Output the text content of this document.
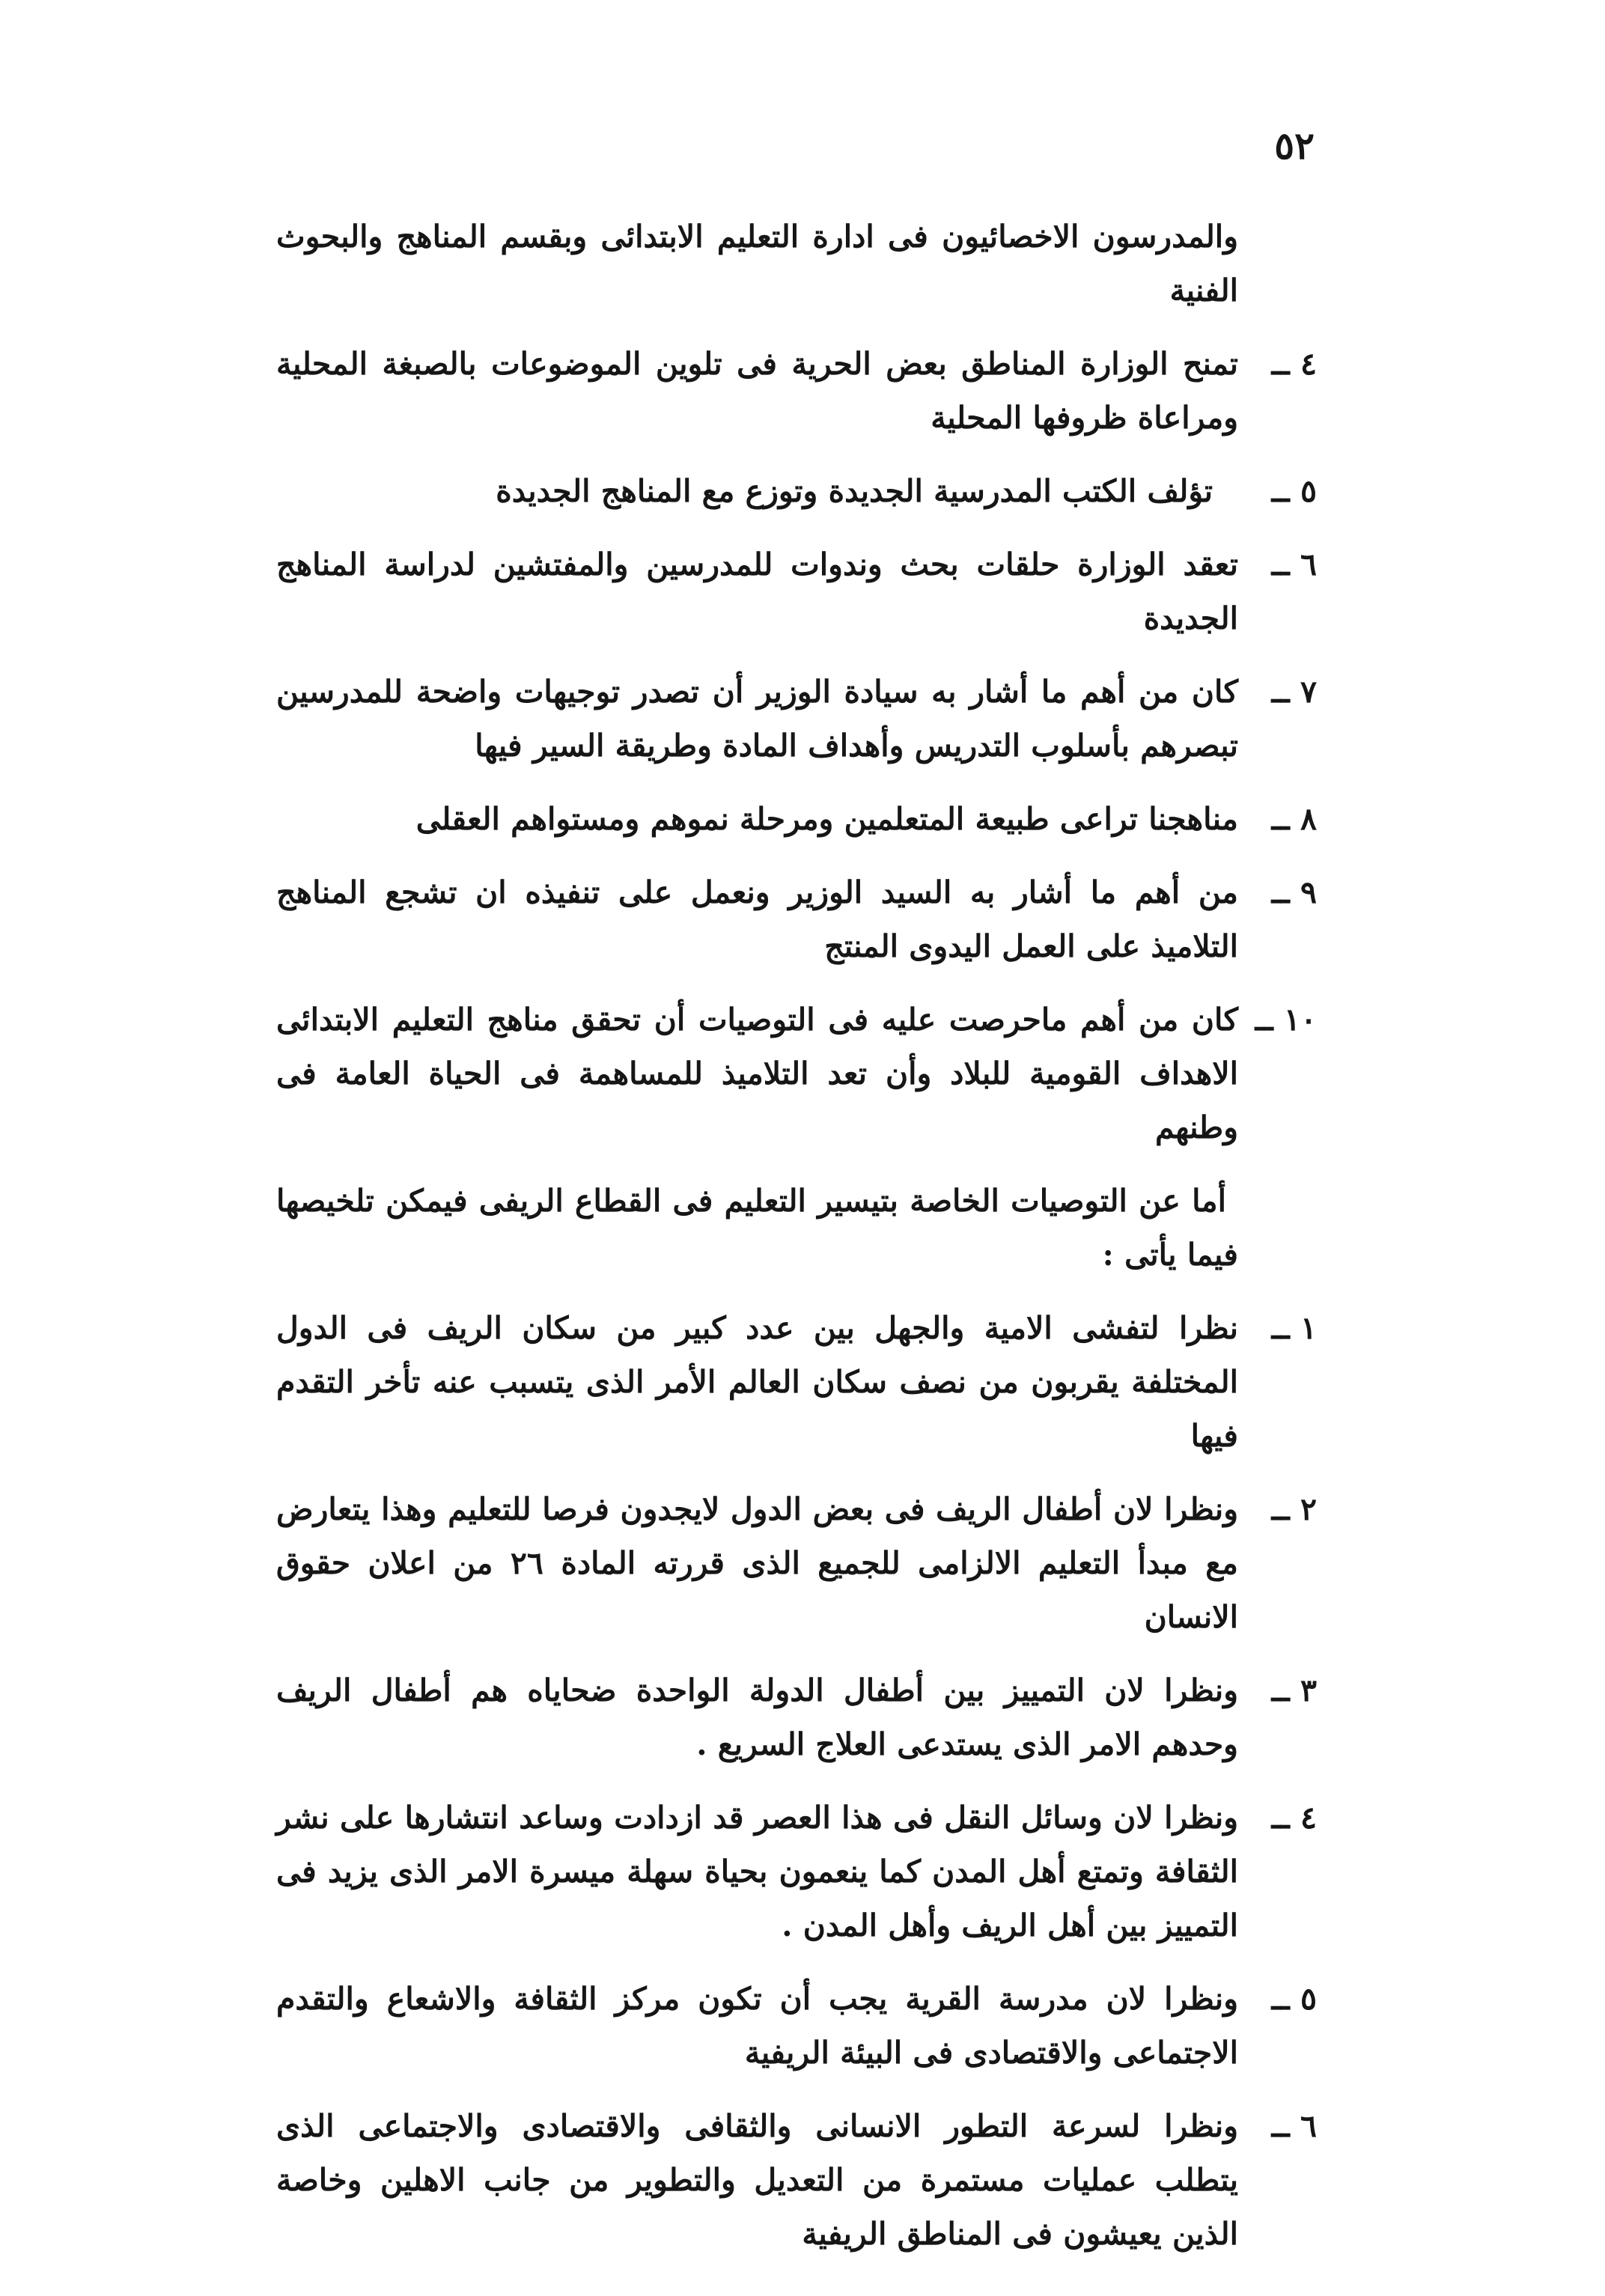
٥٢
والمدرسون الاخصائيون فى ادارة التعليم الابتدائى وبقسم المناهج والبحوث الفنية
٤ ــ
تمنح الوزارة المناطق بعض الحرية فى تلوين الموضوعات بالصبغة المحلية ومراعاة ظروفها المحلية
٥ ــ
تؤلف الكتب المدرسية الجديدة وتوزع مع المناهج الجديدة
٦ ــ
تعقد الوزارة حلقات بحث وندوات للمدرسين والمفتشين لدراسة المناهج الجديدة
٧ ــ
كان من أهم ما أشار به سيادة الوزير أن تصدر توجيهات واضحة للمدرسين تبصرهم بأسلوب التدريس وأهداف المادة وطريقة السير فيها
٨ ــ
مناهجنا تراعى طبيعة المتعلمين ومرحلة نموهم ومستواهم العقلى
٩ ــ
من أهم ما أشار به السيد الوزير ونعمل على تنفيذه ان تشجع المناهج التلاميذ على العمل اليدوى المنتج
١٠ ــ
كان من أهم ماحرصت عليه فى التوصيات أن تحقق مناهج التعليم الابتدائى الاهداف القومية للبلاد وأن تعد التلاميذ للمساهمة فى الحياة العامة فى وطنهم
أما عن التوصيات الخاصة بتيسير التعليم فى القطاع الريفى فيمكن تلخيصها فيما يأتى :
١ ــ
نظرا لتفشى الامية والجهل بين عدد كبير من سكان الريف فى الدول المختلفة يقربون من نصف سكان العالم الأمر الذى يتسبب عنه تأخر التقدم فيها
٢ ــ
ونظرا لان أطفال الريف فى بعض الدول لايجدون فرصا للتعليم وهذا يتعارض مع مبدأ التعليم الالزامى للجميع الذى قررته المادة ٢٦ من اعلان حقوق الانسان
٣ ــ
ونظرا لان التمييز بين أطفال الدولة الواحدة ضحاياه هم أطفال الريف وحدهم الامر الذى يستدعى العلاج السريع .
٤ ــ
ونظرا لان وسائل النقل فى هذا العصر قد ازدادت وساعد انتشارها على نشر الثقافة وتمتع أهل المدن كما ينعمون بحياة سهلة ميسرة الامر الذى يزيد فى التمييز بين أهل الريف وأهل المدن .
٥ ــ
ونظرا لان مدرسة القرية يجب أن تكون مركز الثقافة والاشعاع والتقدم الاجتماعى والاقتصادى فى البيئة الريفية
٦ ــ
ونظرا لسرعة التطور الانسانى والثقافى والاقتصادى والاجتماعى الذى يتطلب عمليات مستمرة من التعديل والتطوير من جانب الاهلين وخاصة الذين يعيشون فى المناطق الريفية
